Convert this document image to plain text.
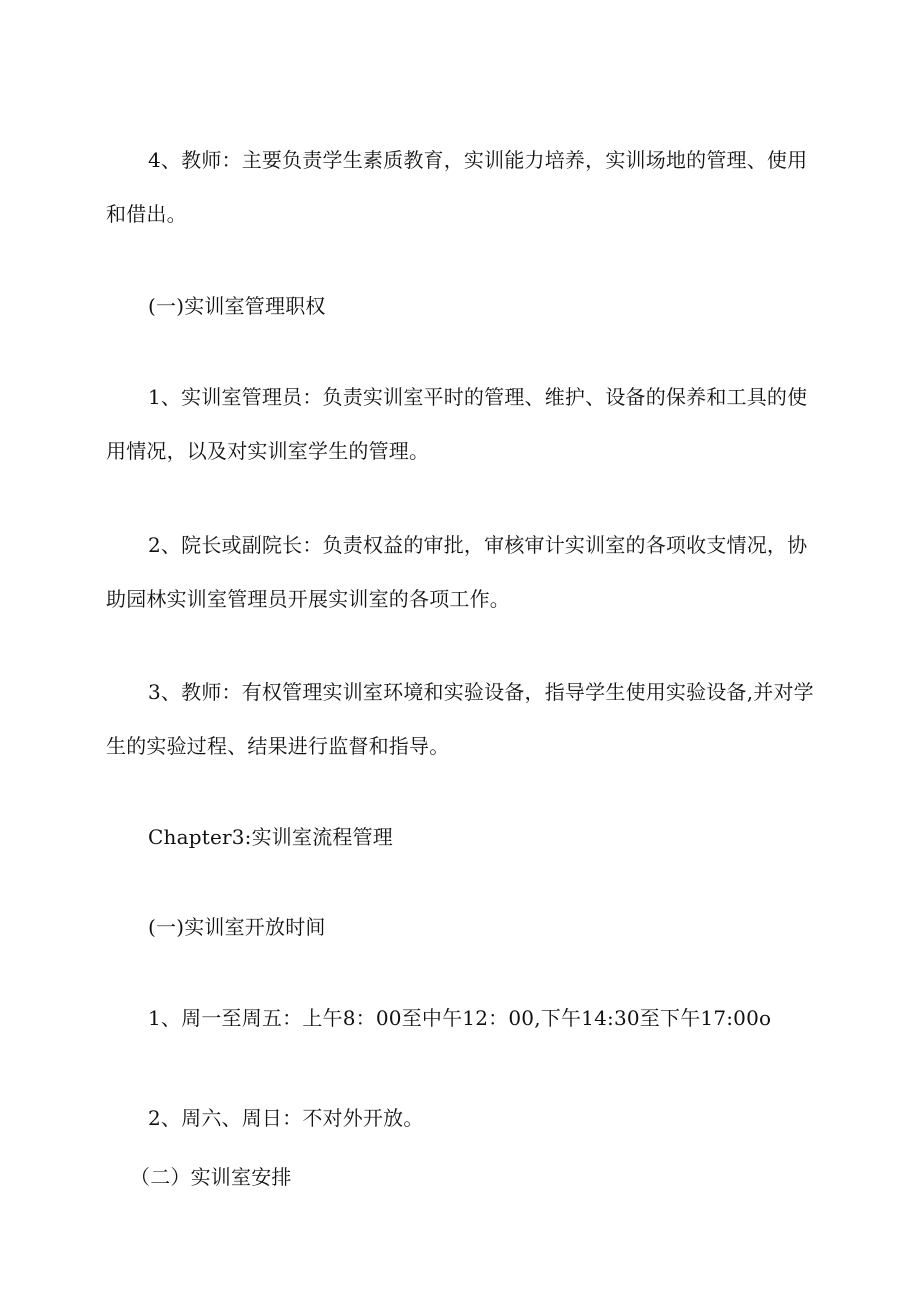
4、教师：主要负责学生素质教育，实训能力培养，实训场地的管理、使用

和借出。

(一)实训室管理职权

1、实训室管理员：负责实训室平时的管理、维护、设备的保养和工具的使

用情况，以及对实训室学生的管理。

2、院长或副院长：负责权益的审批，审核审计实训室的各项收支情况，协

助园林实训室管理员开展实训室的各项工作。

3、教师：有权管理实训室环境和实验设备，指导学生使用实验设备,并对学

生的实验过程、结果进行监督和指导。

Chapter3:实训室流程管理

(一)实训室开放时间

1、周一至周五：上午8：00至中午12：00,下午14:30至下午17:00o

2、周六、周日：不对外开放。

（二）实训室安排
